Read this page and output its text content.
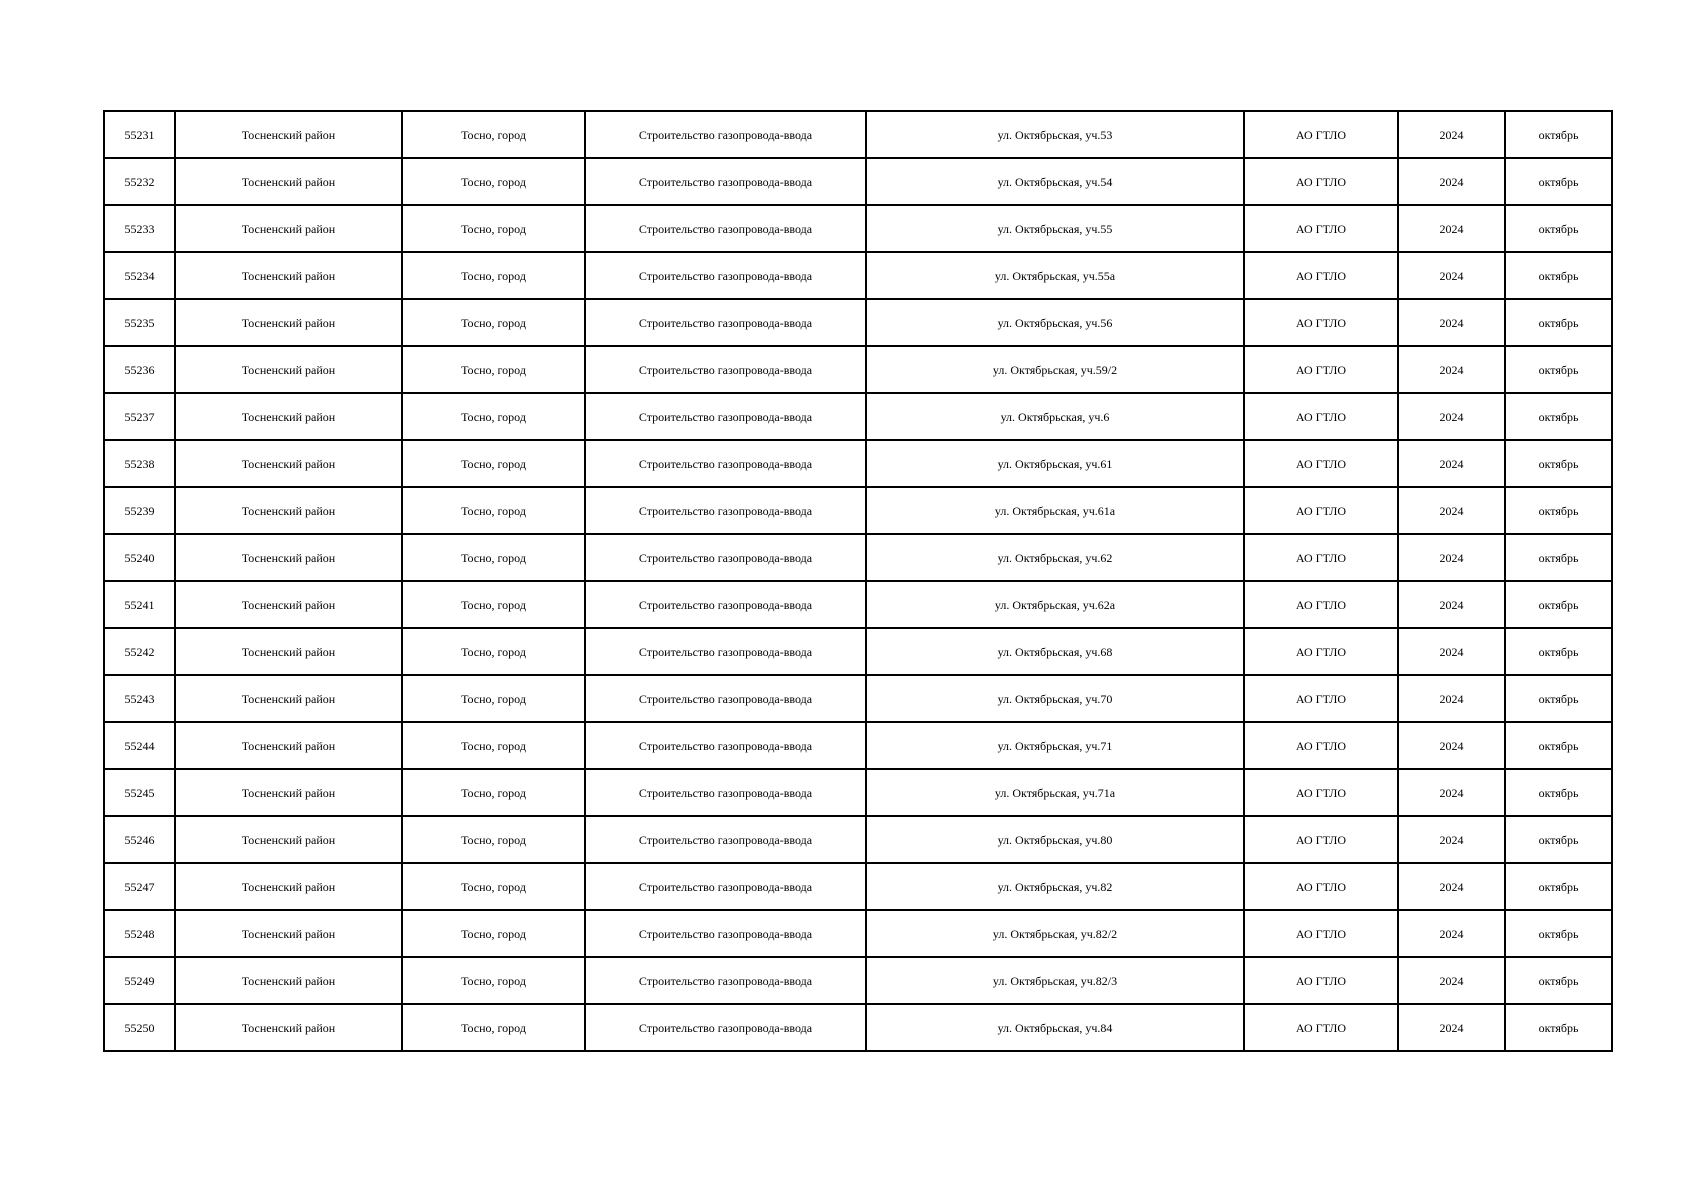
55231	Тосненский район	Тосно, город	Строительство газопровода-ввода	ул. Октябрьская, уч.53	АО ГТЛО	2024	октябрь
55232	Тосненский район	Тосно, город	Строительство газопровода-ввода	ул. Октябрьская, уч.54	АО ГТЛО	2024	октябрь
55233	Тосненский район	Тосно, город	Строительство газопровода-ввода	ул. Октябрьская, уч.55	АО ГТЛО	2024	октябрь
55234	Тосненский район	Тосно, город	Строительство газопровода-ввода	ул. Октябрьская, уч.55а	АО ГТЛО	2024	октябрь
55235	Тосненский район	Тосно, город	Строительство газопровода-ввода	ул. Октябрьская, уч.56	АО ГТЛО	2024	октябрь
55236	Тосненский район	Тосно, город	Строительство газопровода-ввода	ул. Октябрьская, уч.59/2	АО ГТЛО	2024	октябрь
55237	Тосненский район	Тосно, город	Строительство газопровода-ввода	ул. Октябрьская, уч.6	АО ГТЛО	2024	октябрь
55238	Тосненский район	Тосно, город	Строительство газопровода-ввода	ул. Октябрьская, уч.61	АО ГТЛО	2024	октябрь
55239	Тосненский район	Тосно, город	Строительство газопровода-ввода	ул. Октябрьская, уч.61а	АО ГТЛО	2024	октябрь
55240	Тосненский район	Тосно, город	Строительство газопровода-ввода	ул. Октябрьская, уч.62	АО ГТЛО	2024	октябрь
55241	Тосненский район	Тосно, город	Строительство газопровода-ввода	ул. Октябрьская, уч.62а	АО ГТЛО	2024	октябрь
55242	Тосненский район	Тосно, город	Строительство газопровода-ввода	ул. Октябрьская, уч.68	АО ГТЛО	2024	октябрь
55243	Тосненский район	Тосно, город	Строительство газопровода-ввода	ул. Октябрьская, уч.70	АО ГТЛО	2024	октябрь
55244	Тосненский район	Тосно, город	Строительство газопровода-ввода	ул. Октябрьская, уч.71	АО ГТЛО	2024	октябрь
55245	Тосненский район	Тосно, город	Строительство газопровода-ввода	ул. Октябрьская, уч.71а	АО ГТЛО	2024	октябрь
55246	Тосненский район	Тосно, город	Строительство газопровода-ввода	ул. Октябрьская, уч.80	АО ГТЛО	2024	октябрь
55247	Тосненский район	Тосно, город	Строительство газопровода-ввода	ул. Октябрьская, уч.82	АО ГТЛО	2024	октябрь
55248	Тосненский район	Тосно, город	Строительство газопровода-ввода	ул. Октябрьская, уч.82/2	АО ГТЛО	2024	октябрь
55249	Тосненский район	Тосно, город	Строительство газопровода-ввода	ул. Октябрьская, уч.82/3	АО ГТЛО	2024	октябрь
55250	Тосненский район	Тосно, город	Строительство газопровода-ввода	ул. Октябрьская, уч.84	АО ГТЛО	2024	октябрь
